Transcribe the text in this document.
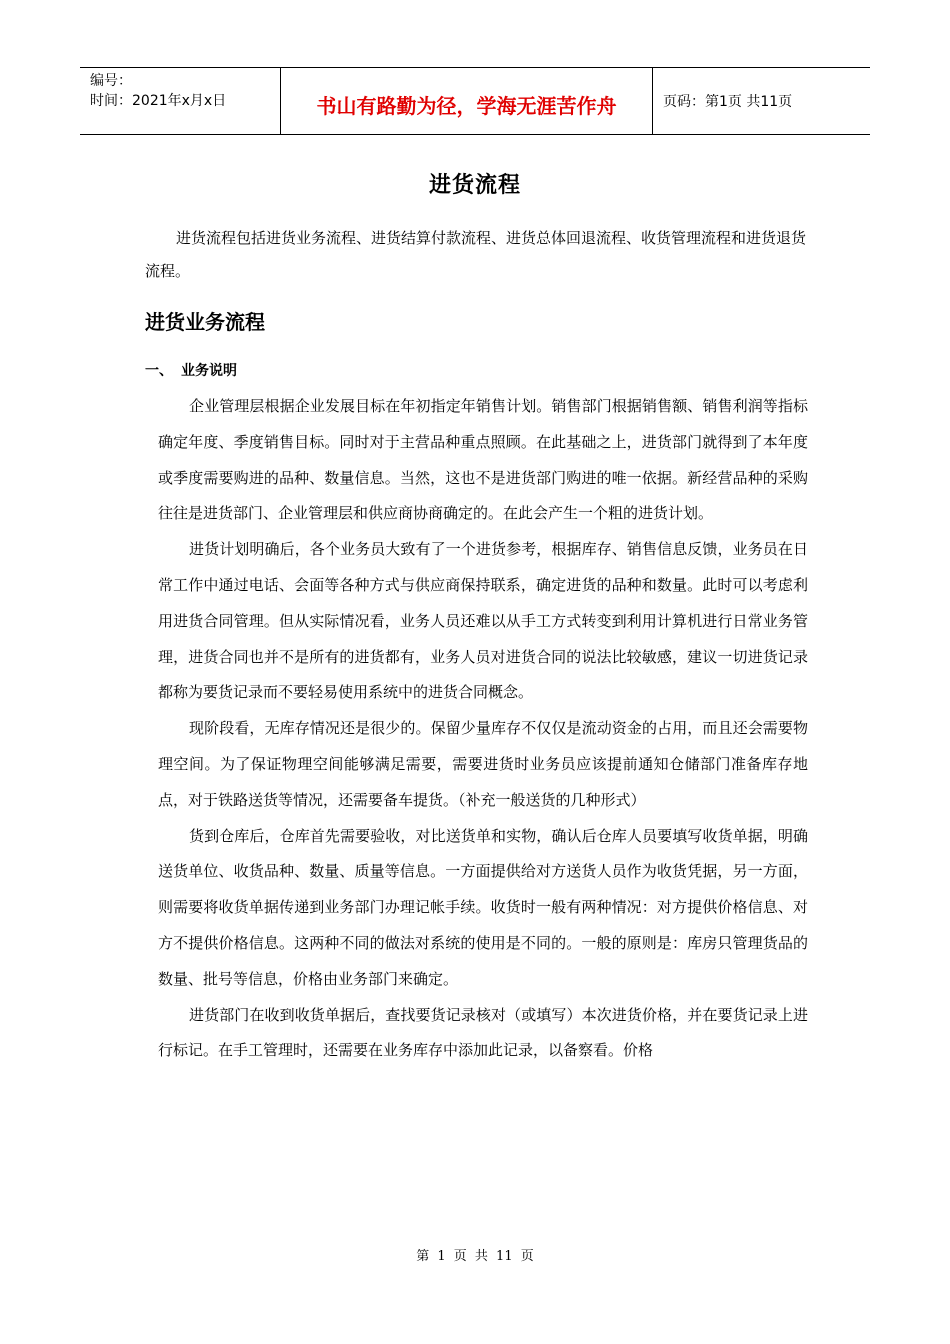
编号：
时间：2021年x月x日	书山有路勤为径，学海无涯苦作舟	页码：第1页 共11页
进货流程
进货流程包括进货业务流程、进货结算付款流程、进货总体回退流程、收货管理流程和进货退货流程。
进货业务流程
一、 业务说明

企业管理层根据企业发展目标在年初指定年销售计划。销售部门根据销售额、销售利润等指标确定年度、季度销售目标。同时对于主营品种重点照顾。在此基础之上，进货部门就得到了本年度或季度需要购进的品种、数量信息。当然，这也不是进货部门购进的唯一依据。新经营品种的采购往往是进货部门、企业管理层和供应商协商确定的。在此会产生一个粗的进货计划。

进货计划明确后，各个业务员大致有了一个进货参考，根据库存、销售信息反馈，业务员在日常工作中通过电话、会面等各种方式与供应商保持联系，确定进货的品种和数量。此时可以考虑利用进货合同管理。但从实际情况看，业务人员还难以从手工方式转变到利用计算机进行日常业务管理，进货合同也并不是所有的进货都有，业务人员对进货合同的说法比较敏感，建议一切进货记录都称为要货记录而不要轻易使用系统中的进货合同概念。

现阶段看，无库存情况还是很少的。保留少量库存不仅仅是流动资金的占用，而且还会需要物理空间。为了保证物理空间能够满足需要，需要进货时业务员应该提前通知仓储部门准备库存地点，对于铁路送货等情况，还需要备车提货。（补充一般送货的几种形式）

货到仓库后，仓库首先需要验收，对比送货单和实物，确认后仓库人员要填写收货单据，明确送货单位、收货品种、数量、质量等信息。一方面提供给对方送货人员作为收货凭据，另一方面，则需要将收货单据传递到业务部门办理记帐手续。收货时一般有两种情况：对方提供价格信息、对方不提供价格信息。这两种不同的做法对系统的使用是不同的。一般的原则是：库房只管理货品的数量、批号等信息，价格由业务部门来确定。

进货部门在收到收货单据后，查找要货记录核对（或填写）本次进货价格，并在要货记录上进行标记。在手工管理时，还需要在业务库存中添加此记录，以备察看。价格

第 1 页 共 11 页
